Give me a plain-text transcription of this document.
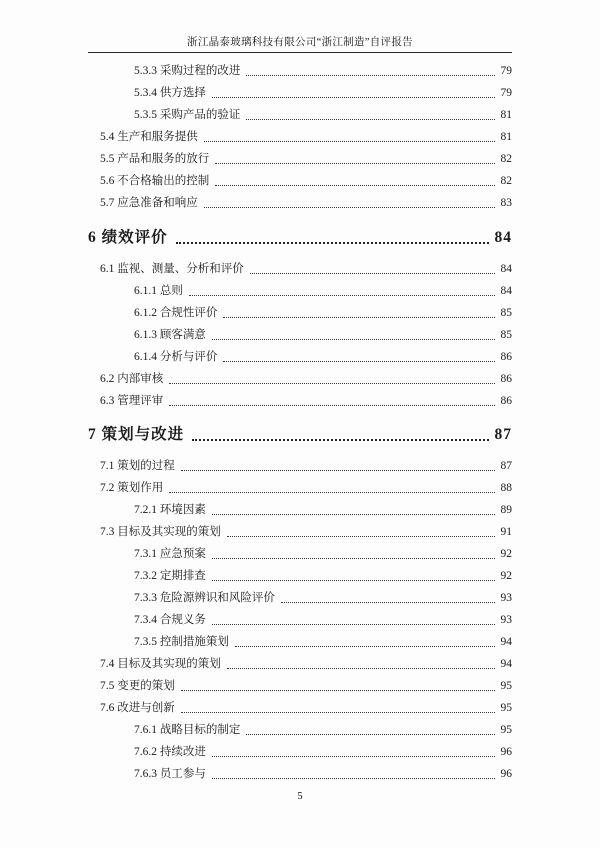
浙江晶泰玻璃科技有限公司“浙江制造”自评报告
5.3.3 采购过程的改进	79
5.3.4 供方选择	79
5.3.5 采购产品的验证	81
5.4 生产和服务提供	81
5.5 产品和服务的放行	82
5.6 不合格输出的控制	82
5.7 应急准备和响应	83
6 绩效评价	84
6.1 监视、测量、分析和评价	84
6.1.1 总则	84
6.1.2 合规性评价	85
6.1.3 顾客满意	85
6.1.4 分析与评价	86
6.2 内部审核	86
6.3 管理评审	86
7 策划与改进	87
7.1 策划的过程	87
7.2 策划作用	88
7.2.1 环境因素	89
7.3 目标及其实现的策划	91
7.3.1 应急预案	92
7.3.2 定期排查	92
7.3.3 危险源辨识和风险评价	93
7.3.4 合规义务	93
7.3.5 控制措施策划	94
7.4 目标及其实现的策划	94
7.5 变更的策划	95
7.6 改进与创新	95
7.6.1 战略目标的制定	95
7.6.2 持续改进	96
7.6.3 员工参与	96
5
